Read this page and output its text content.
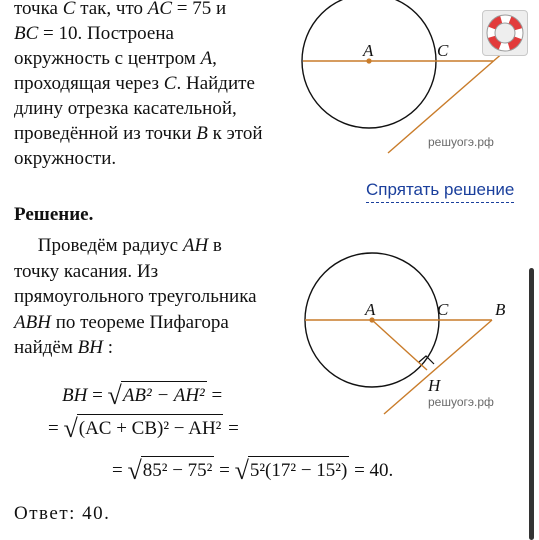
точка C так, что AC = 75 и
BC = 10. Построена
окружность с центром A,
проходящая через C. Найдите
длину отрезка касательной,
проведённой из точки B к этой
окружности.
A	C
решуогэ.рф
Спрятать решение
Решение.
Проведём радиус AH в
точку касания. Из
прямоугольного треугольника
ABH по теореме Пифагора
найдём BH :
A	C	B
H
решуогэ.рф
BH = √AB² − AH² =
= √(AC + CB)² − AH² =
= √85² − 75² = √5²(17² − 15²) = 40.
Ответ: 40.
